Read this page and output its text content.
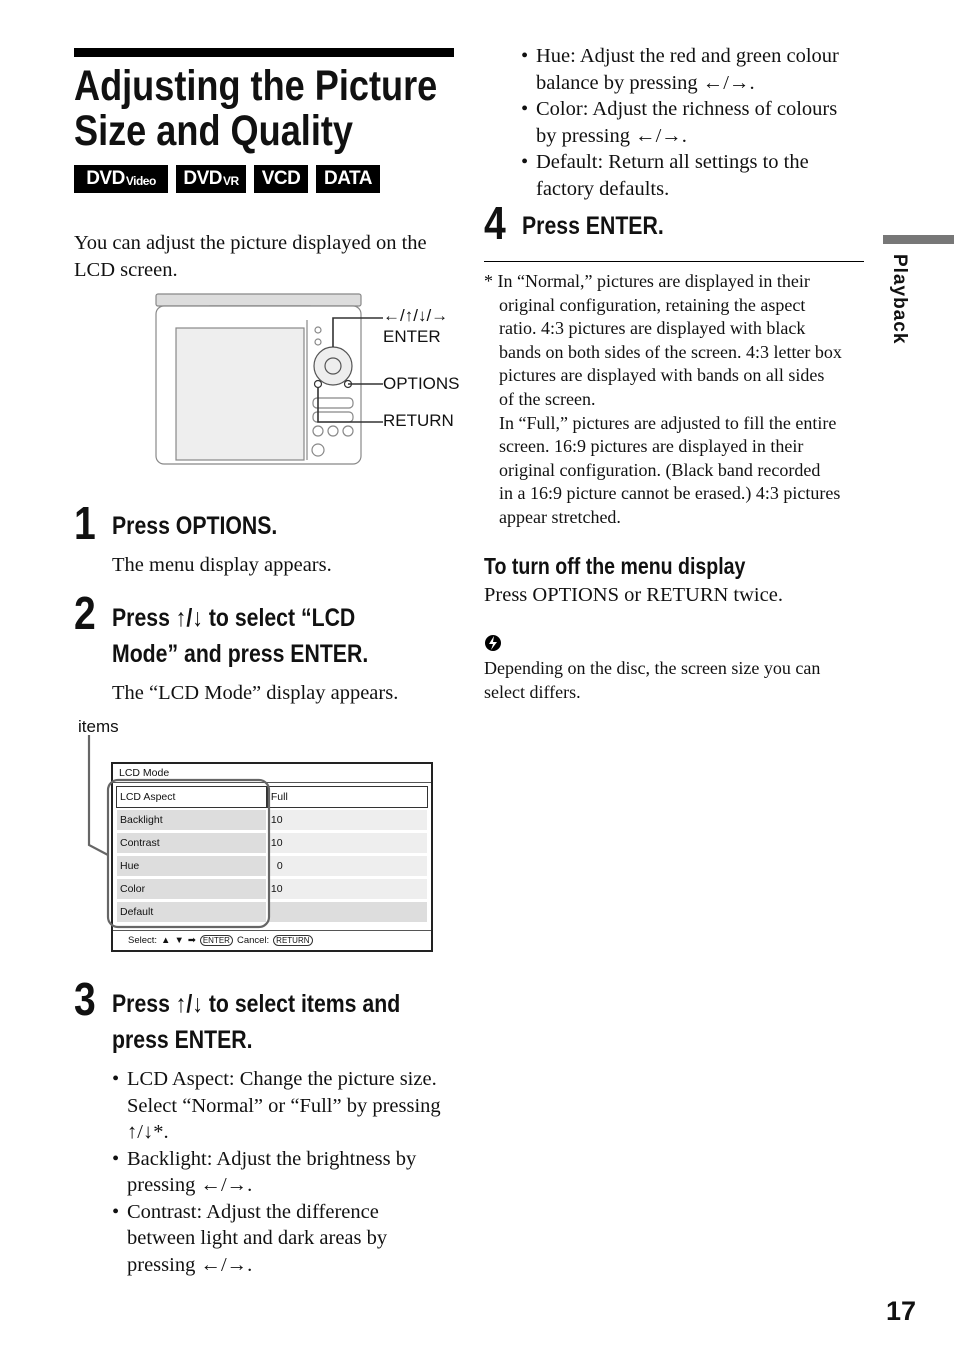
Adjusting the Picture
Size and Quality
DVD Video DVD VR VCD DATA
You can adjust the picture displayed on the
LCD screen.
←/↑/↓/→
ENTER
OPTIONS
RETURN
1 Press OPTIONS.
The menu display appears.
2 Press ↑/↓ to select “LCD
Mode” and press ENTER.
The “LCD Mode” display appears.
items
LCD Mode
LCD Aspect	Full
Backlight	10
Contrast	10
Hue	0
Color	10
Default	
Select: ▲ ▼ ➡ ENTER Cancel: RETURN
3 Press ↑/↓ to select items and
press ENTER.
• LCD Aspect: Change the picture size.
Select “Normal” or “Full” by pressing
↑/↓*.
• Backlight: Adjust the brightness by
pressing ←/→.
• Contrast: Adjust the difference
between light and dark areas by
pressing ←/→.
• Hue: Adjust the red and green colour
balance by pressing ←/→.
• Color: Adjust the richness of colours
by pressing ←/→.
• Default: Return all settings to the
factory defaults.
4 Press ENTER.
* In “Normal,” pictures are displayed in their
original configuration, retaining the aspect
ratio. 4:3 pictures are displayed with black
bands on both sides of the screen. 4:3 letter box
pictures are displayed with bands on all sides
of the screen.
In “Full,” pictures are adjusted to fill the entire
screen. 16:9 pictures are displayed in their
original configuration. (Black band recorded
in a 16:9 picture cannot be erased.) 4:3 pictures
appear stretched.
To turn off the menu display
Press OPTIONS or RETURN twice.
Depending on the disc, the screen size you can
select differs.
Playback
17
